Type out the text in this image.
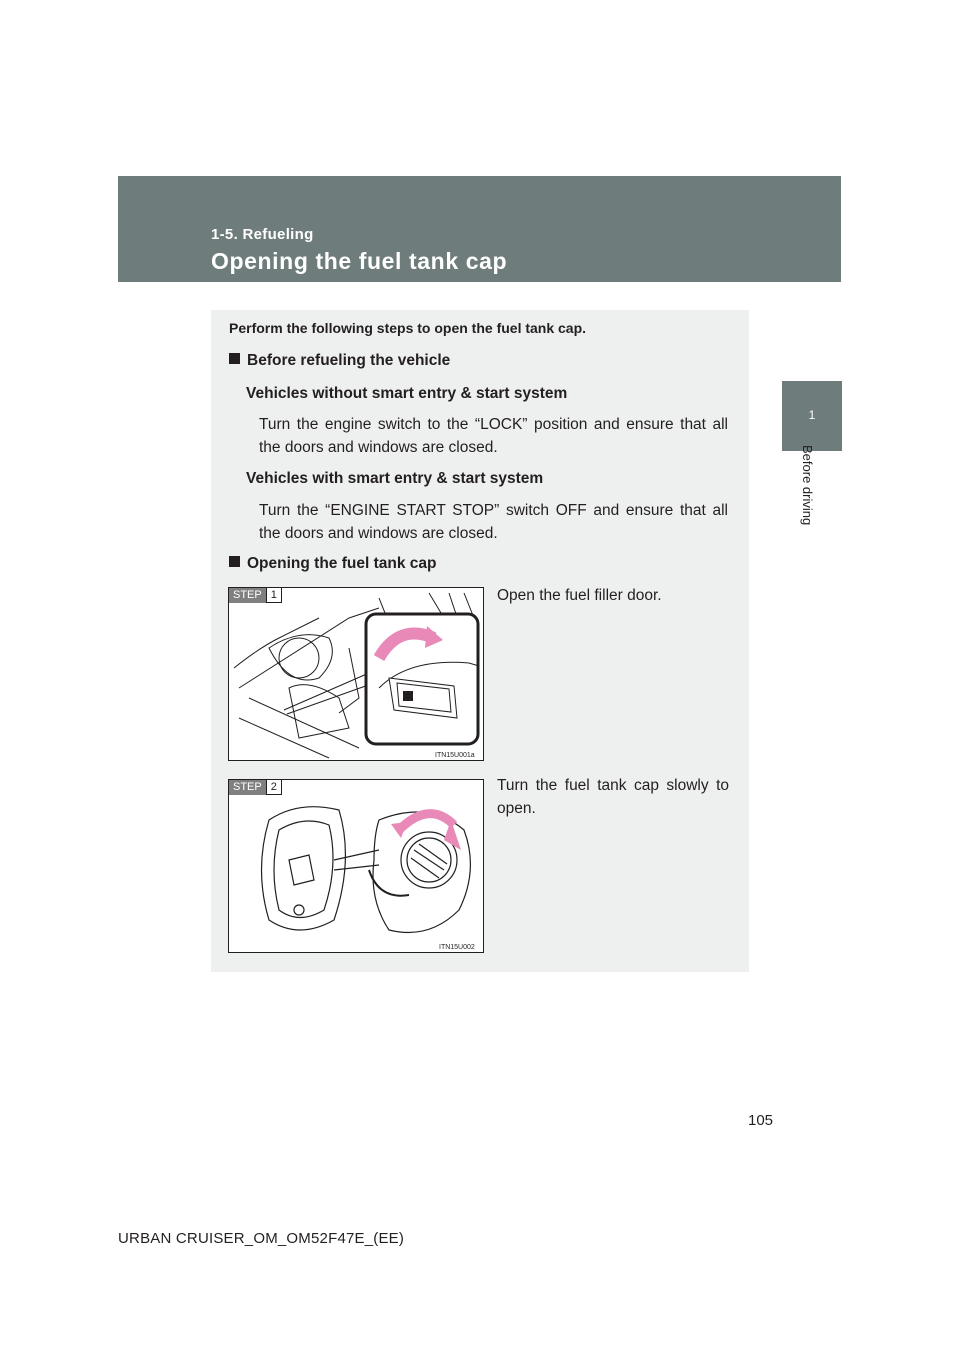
1-5. Refueling
Opening the fuel tank cap
1
Before driving
Perform the following steps to open the fuel tank cap.
Before refueling the vehicle
Vehicles without smart entry & start system
Turn the engine switch to the “LOCK” position and ensure that all the doors and windows are closed.
Vehicles with smart entry & start system
Turn the “ENGINE START STOP” switch OFF and ensure that all the doors and windows are closed.
Opening the fuel tank cap
STEP 1
ITN15U001a
Open the fuel filler door.
STEP 2
ITN15U002
Turn the fuel tank cap slowly to open.
105
URBAN CRUISER_OM_OM52F47E_(EE)
